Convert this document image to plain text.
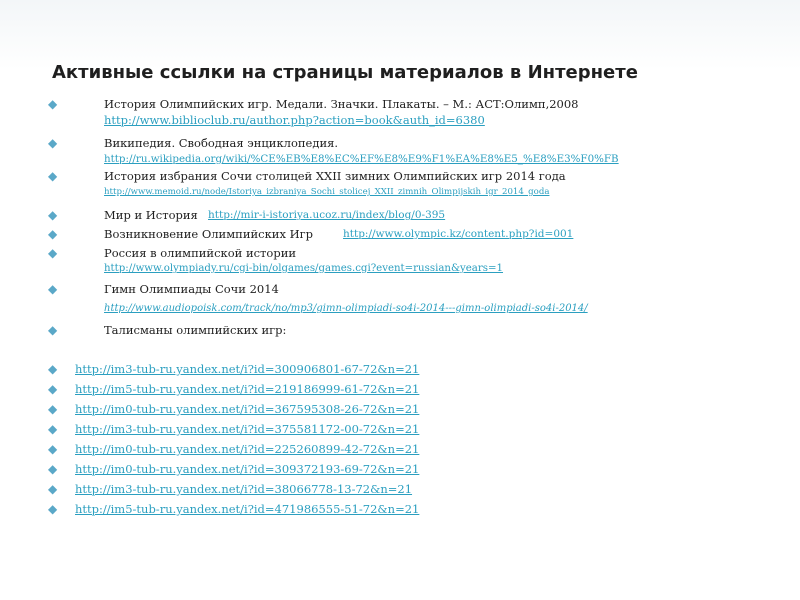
Активные ссылки на страницы материалов в Интернете
◆	История Олимпийских игр. Медали. Значки. Плакаты. – М.: АСТ:Олимп,2008
http://www.biblioclub.ru/author.php?action=book&auth_id=6380
◆	Википедия. Свободная энциклопедия.
http://ru.wikipedia.org/wiki/%CE%EB%E8%EC%EF%E8%E9%F1%EA%E8%E5_%E8%E3%F0%FB
◆	История избрания Сочи столицей XXII зимних Олимпийских игр 2014 года
http://www.memoid.ru/node/Istoriya_izbraniya_Sochi_stolicej_XXII_zimnih_Olimpijskih_igr_2014_goda
◆	Мир и История http://mir-i-istoriya.ucoz.ru/index/blog/0-395
◆	Возникновение Олимпийских Игр	http://www.olympic.kz/content.php?id=001
◆	Россия в олимпийской истории
http://www.olympiady.ru/cgi-bin/olgames/games.cgi?event=russian&years=1
◆	Гимн Олимпиады Сочи 2014
http://www.audiopoisk.com/track/no/mp3/gimn-olimpiadi-so4i-2014---gimn-olimpiadi-so4i-2014/
◆	Талисманы олимпийских игр:
◆ http://im3-tub-ru.yandex.net/i?id=300906801-67-72&n=21
◆ http://im5-tub-ru.yandex.net/i?id=219186999-61-72&n=21
◆ http://im0-tub-ru.yandex.net/i?id=367595308-26-72&n=21
◆ http://im3-tub-ru.yandex.net/i?id=375581172-00-72&n=21
◆ http://im0-tub-ru.yandex.net/i?id=225260899-42-72&n=21
◆ http://im0-tub-ru.yandex.net/i?id=309372193-69-72&n=21
◆ http://im3-tub-ru.yandex.net/i?id=38066778-13-72&n=21
◆ http://im5-tub-ru.yandex.net/i?id=471986555-51-72&n=21
